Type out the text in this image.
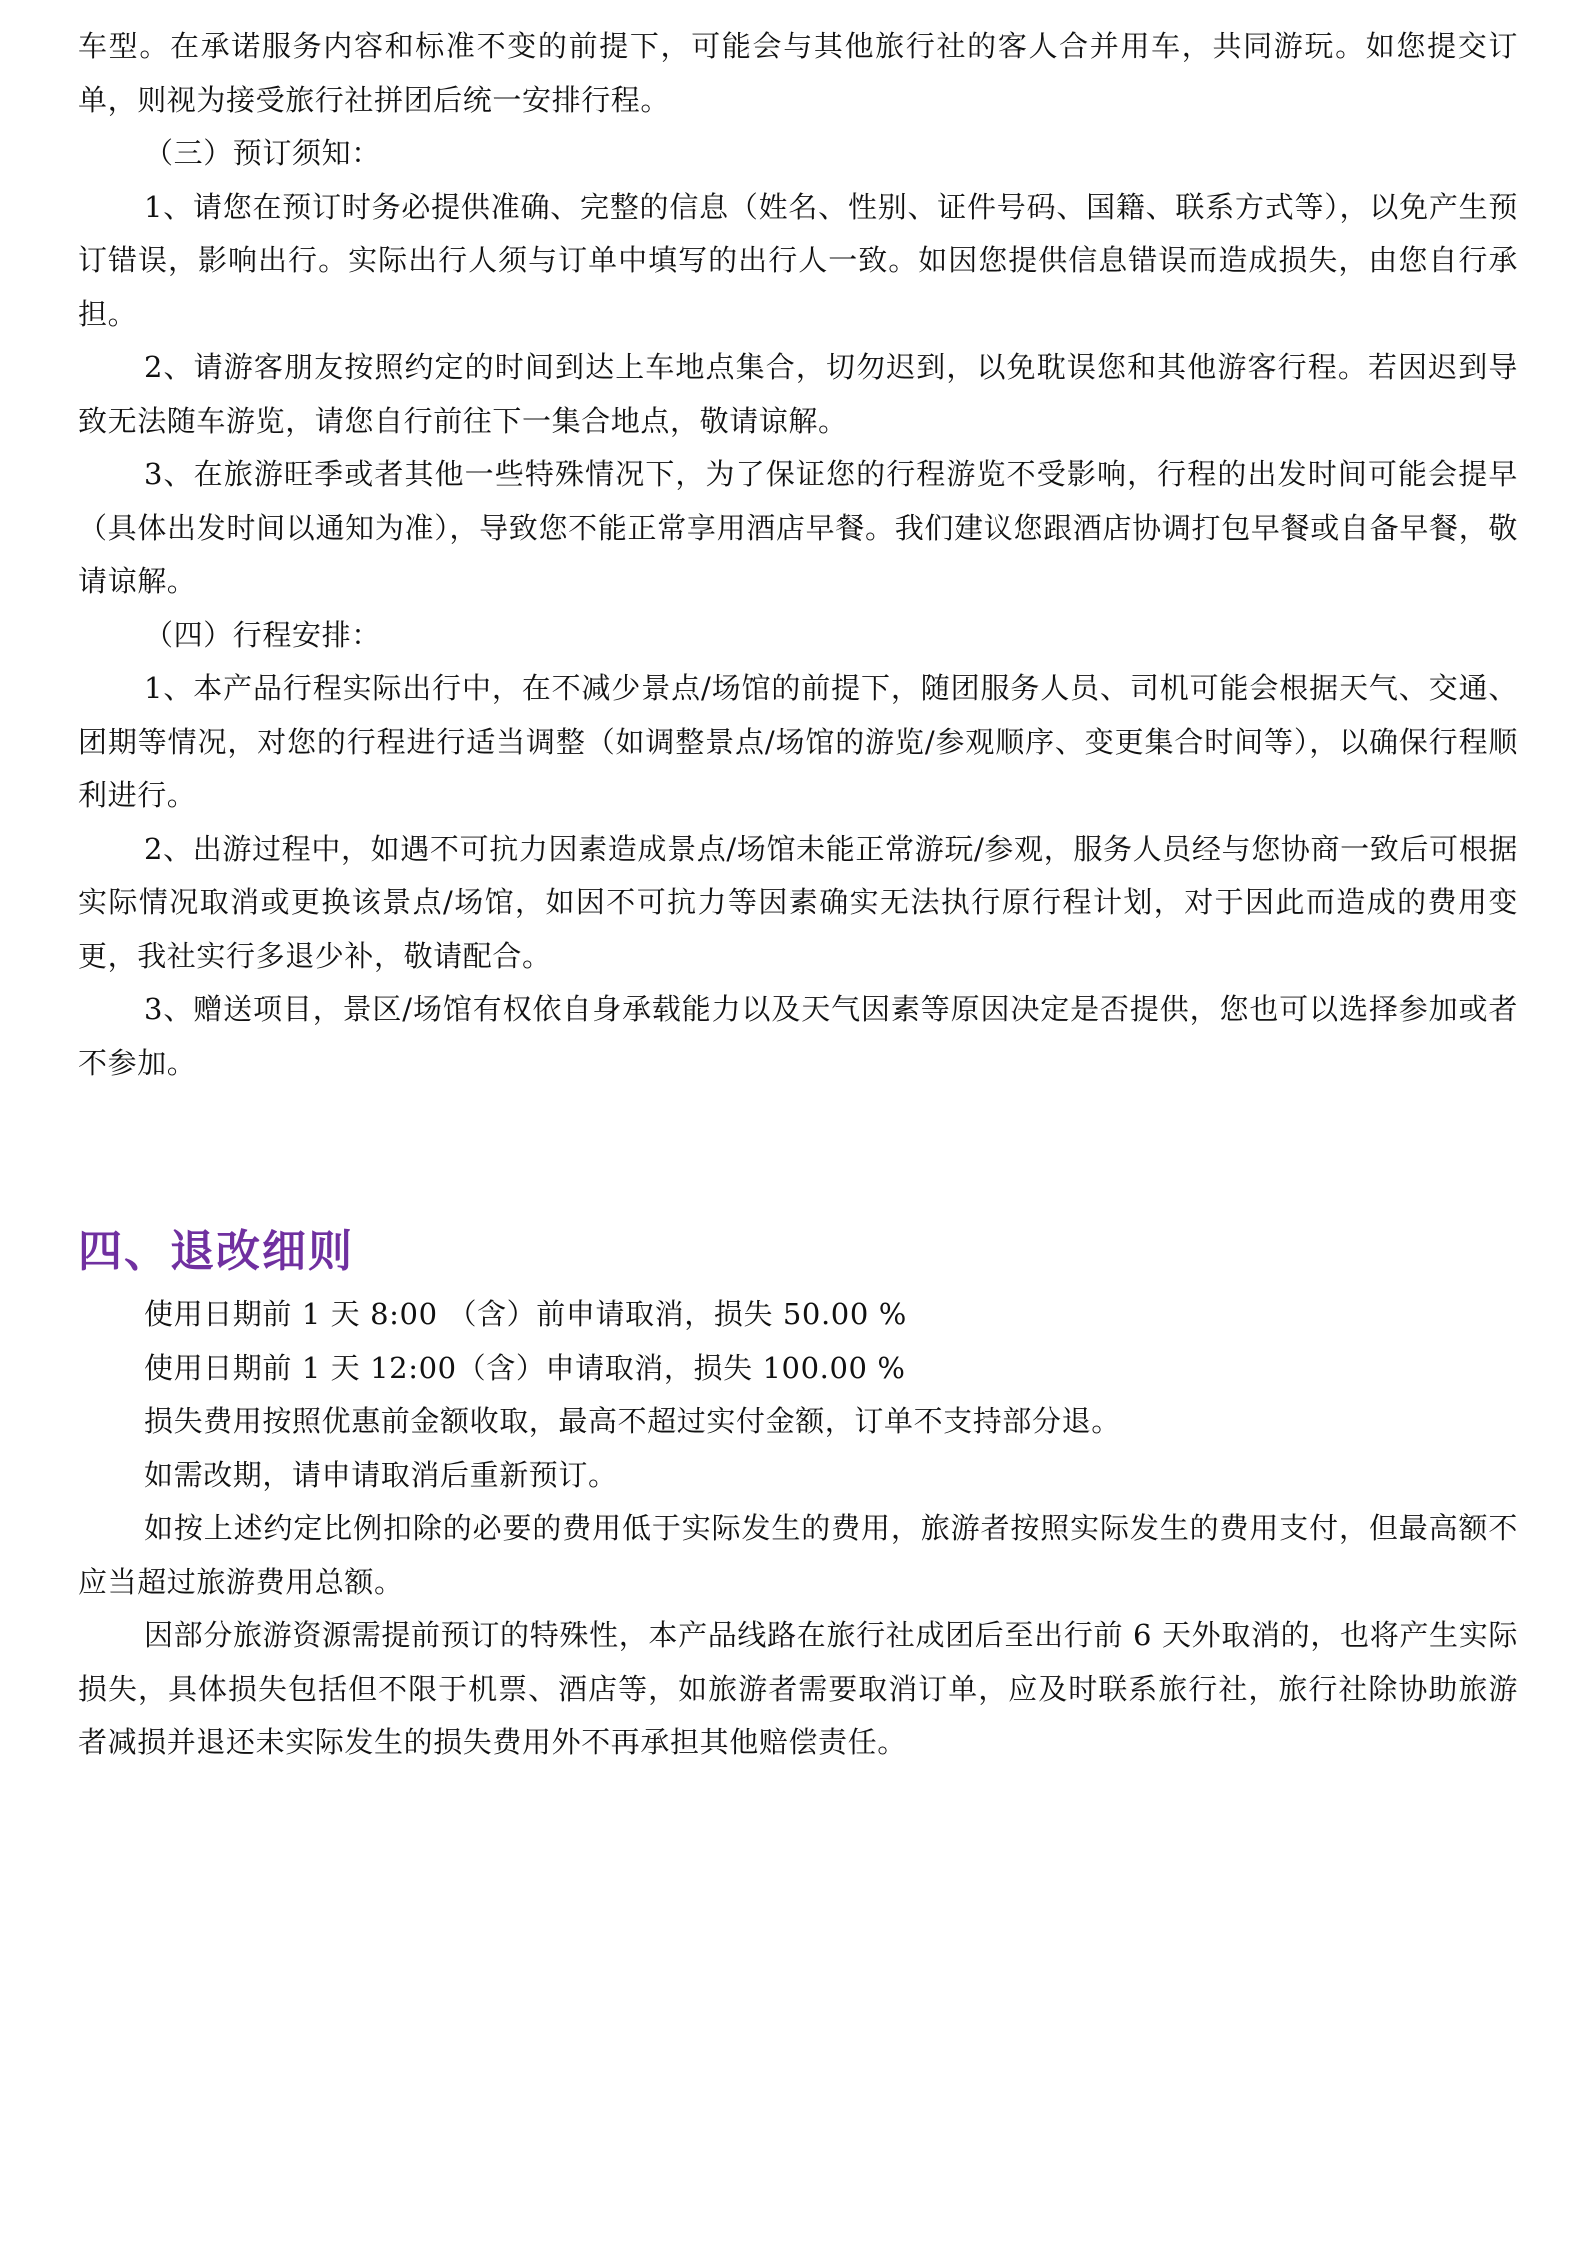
车型。在承诺服务内容和标准不变的前提下，可能会与其他旅行社的客人合并用车，共同游玩。如您提交订单，则视为接受旅行社拼团后统一安排行程。

（三）预订须知：

1、请您在预订时务必提供准确、完整的信息（姓名、性别、证件号码、国籍、联系方式等），以免产生预订错误，影响出行。实际出行人须与订单中填写的出行人一致。如因您提供信息错误而造成损失，由您自行承担。

2、请游客朋友按照约定的时间到达上车地点集合，切勿迟到，以免耽误您和其他游客行程。若因迟到导致无法随车游览，请您自行前往下一集合地点，敬请谅解。

3、在旅游旺季或者其他一些特殊情况下，为了保证您的行程游览不受影响，行程的出发时间可能会提早（具体出发时间以通知为准），导致您不能正常享用酒店早餐。我们建议您跟酒店协调打包早餐或自备早餐，敬请谅解。

（四）行程安排：

1、本产品行程实际出行中，在不减少景点/场馆的前提下，随团服务人员、司机可能会根据天气、交通、团期等情况，对您的行程进行适当调整（如调整景点/场馆的游览/参观顺序、变更集合时间等），以确保行程顺利进行。

2、出游过程中，如遇不可抗力因素造成景点/场馆未能正常游玩/参观，服务人员经与您协商一致后可根据实际情况取消或更换该景点/场馆，如因不可抗力等因素确实无法执行原行程计划，对于因此而造成的费用变更，我社实行多退少补，敬请配合。

3、赠送项目，景区/场馆有权依自身承载能力以及天气因素等原因决定是否提供，您也可以选择参加或者不参加。

四、退改细则

使用日期前 1 天 8:00 （含）前申请取消，损失 50.00 %

使用日期前 1 天 12:00（含）申请取消，损失 100.00 %

损失费用按照优惠前金额收取，最高不超过实付金额，订单不支持部分退。

如需改期，请申请取消后重新预订。

如按上述约定比例扣除的必要的费用低于实际发生的费用，旅游者按照实际发生的费用支付，但最高额不应当超过旅游费用总额。

因部分旅游资源需提前预订的特殊性，本产品线路在旅行社成团后至出行前 6 天外取消的，也将产生实际损失，具体损失包括但不限于机票、酒店等，如旅游者需要取消订单，应及时联系旅行社，旅行社除协助旅游者减损并退还未实际发生的损失费用外不再承担其他赔偿责任。
